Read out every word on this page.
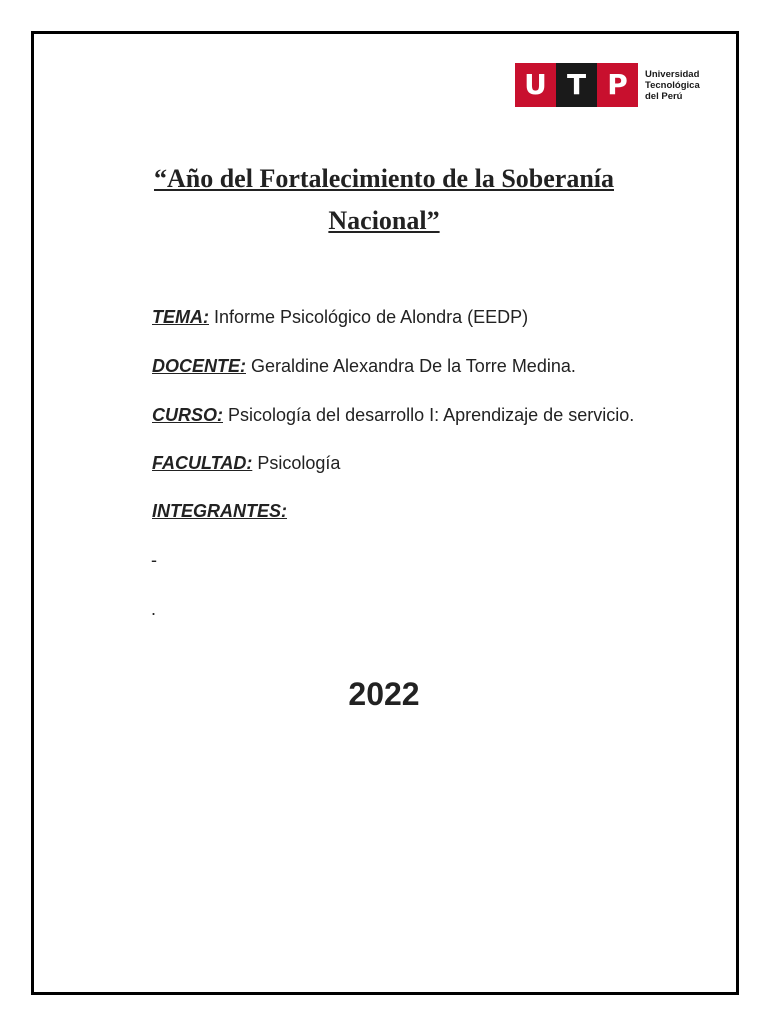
U T P	Universidad
Tecnológica
del Perú
“Año del Fortalecimiento de la Soberanía
Nacional”
TEMA: Informe Psicológico de Alondra (EEDP)
DOCENTE: Geraldine Alexandra De la Torre Medina.
CURSO: Psicología del desarrollo I: Aprendizaje de servicio.
FACULTAD: Psicología
INTEGRANTES:
-
.
2022
